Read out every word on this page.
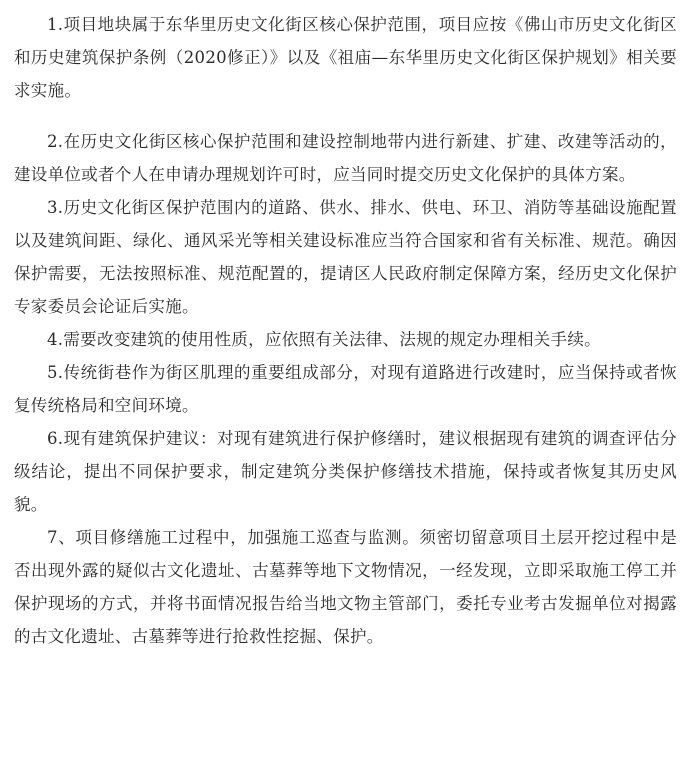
1.项目地块属于东华里历史文化街区核心保护范围，项目应按《佛山市历史文化街区和历史建筑保护条例（2020修正）》以及《祖庙—东华里历史文化街区保护规划》相关要求实施。

2.在历史文化街区核心保护范围和建设控制地带内进行新建、扩建、改建等活动的，建设单位或者个人在申请办理规划许可时，应当同时提交历史文化保护的具体方案。

3.历史文化街区保护范围内的道路、供水、排水、供电、环卫、消防等基础设施配置以及建筑间距、绿化、通风采光等相关建设标准应当符合国家和省有关标准、规范。确因保护需要，无法按照标准、规范配置的，提请区人民政府制定保障方案，经历史文化保护专家委员会论证后实施。

4.需要改变建筑的使用性质，应依照有关法律、法规的规定办理相关手续。

5.传统街巷作为街区肌理的重要组成部分，对现有道路进行改建时，应当保持或者恢复传统格局和空间环境。

6.现有建筑保护建议：对现有建筑进行保护修缮时，建议根据现有建筑的调查评估分级结论，提出不同保护要求，制定建筑分类保护修缮技术措施，保持或者恢复其历史风貌。

7、项目修缮施工过程中，加强施工巡查与监测。须密切留意项目土层开挖过程中是否出现外露的疑似古文化遗址、古墓葬等地下文物情况，一经发现，立即采取施工停工并保护现场的方式，并将书面情况报告给当地文物主管部门，委托专业考古发掘单位对揭露的古文化遗址、古墓葬等进行抢救性挖掘、保护。
